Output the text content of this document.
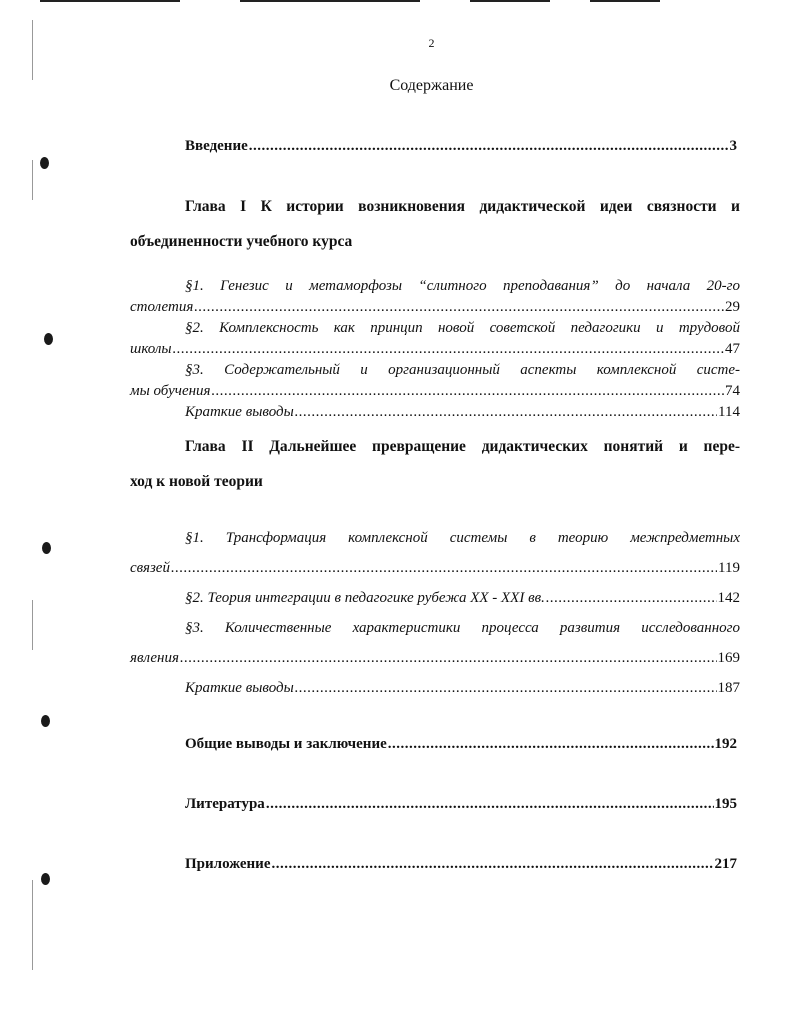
2
Содержание
Введение .....	3
Глава I К истории возникновения дидактической идеи связности и
объединенности учебного курса
§1. Генезис и метаморфозы “слитного преподавания” до начала 20-го
столетия .....	29
§2. Комплексность как принцип новой советской педагогики и трудовой
школы .....	47
§3. Содержательный и организационный аспекты комплексной систе-
мы обучения .....	74
Краткие выводы .....	114
Глава II Дальнейшее превращение дидактических понятий и пере-
ход к новой теории
§1. Трансформация комплексной системы в теорию межпредметных
связей .....	119
§2. Теория интеграции в педагогике рубежа XX - XXI вв. .....	142
§3. Количественные характеристики процесса развития исследованного
явления .....	169
Краткие выводы .....	187
Общие выводы и заключение .....	192
Литература .....	195
Приложение .....	217
